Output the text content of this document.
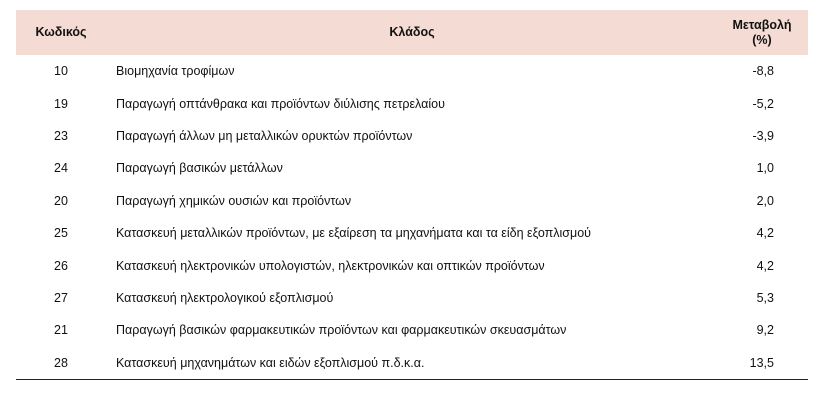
Κωδικός	Κλάδος	Μεταβολή
(%)
10	Βιομηχανία τροφίμων	-8,8
19	Παραγωγή οπτάνθρακα και προϊόντων διύλισης πετρελαίου	-5,2
23	Παραγωγή άλλων μη μεταλλικών ορυκτών προϊόντων	-3,9
24	Παραγωγή βασικών μετάλλων	1,0
20	Παραγωγή χημικών ουσιών και προϊόντων	2,0
25	Κατασκευή μεταλλικών προϊόντων, με εξαίρεση τα μηχανήματα και τα είδη εξοπλισμού	4,2
26	Κατασκευή ηλεκτρονικών υπολογιστών, ηλεκτρονικών και οπτικών προϊόντων	4,2
27	Κατασκευή ηλεκτρολογικού εξοπλισμού	5,3
21	Παραγωγή βασικών φαρμακευτικών προϊόντων και φαρμακευτικών σκευασμάτων	9,2
28	Κατασκευή μηχανημάτων και ειδών εξοπλισμού π.δ.κ.α.	13,5
